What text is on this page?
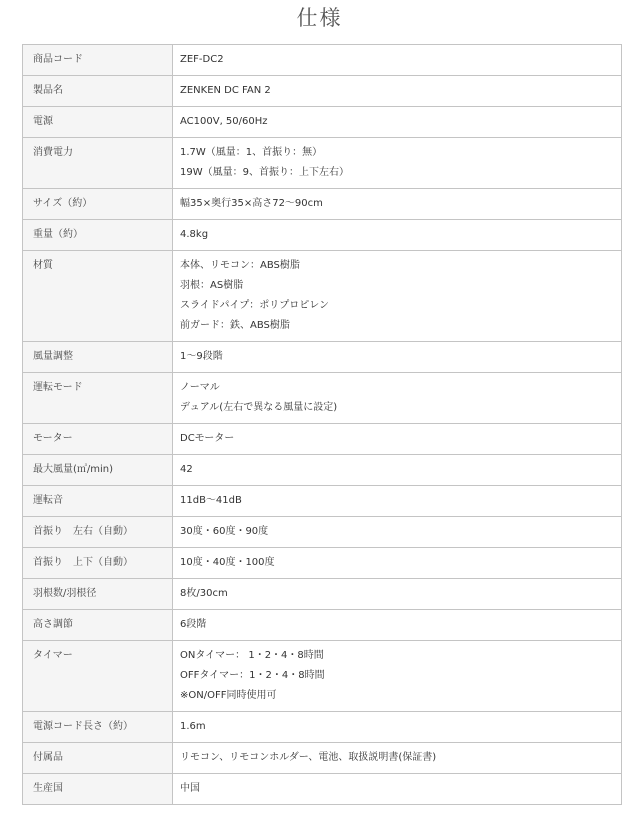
仕様
商品コード	ZEF-DC2

製品名	ZENKEN DC FAN 2

電源	AC100V, 50/60Hz

消費電力	1.7W（風量：1、首振り：無）
19W（風量：9、首振り：上下左右）

サイズ（約）	幅35×奥行35×高さ72〜90cm

重量（約）	4.8kg

材質	本体、リモコン：ABS樹脂
羽根：AS樹脂
スライドパイプ：ポリプロピレン
前ガード：鉄、ABS樹脂

風量調整	1〜9段階

運転モード	ノーマル
デュアル(左右で異なる風量に設定)

モーター	DCモーター

最大風量(㎥/min)	42

運転音	11dB〜41dB

首振り　左右（自動）	30度・60度・90度

首振り　上下（自動）	10度・40度・100度

羽根数/羽根径	8枚/30cm

高さ調節	6段階

タイマー	ONタイマー： 1・2・4・8時間
OFFタイマー：1・2・4・8時間
※ON/OFF同時使用可

電源コード長さ（約）	1.6m

付属品	リモコン、リモコンホルダー、電池、取扱説明書(保証書)

生産国	中国
